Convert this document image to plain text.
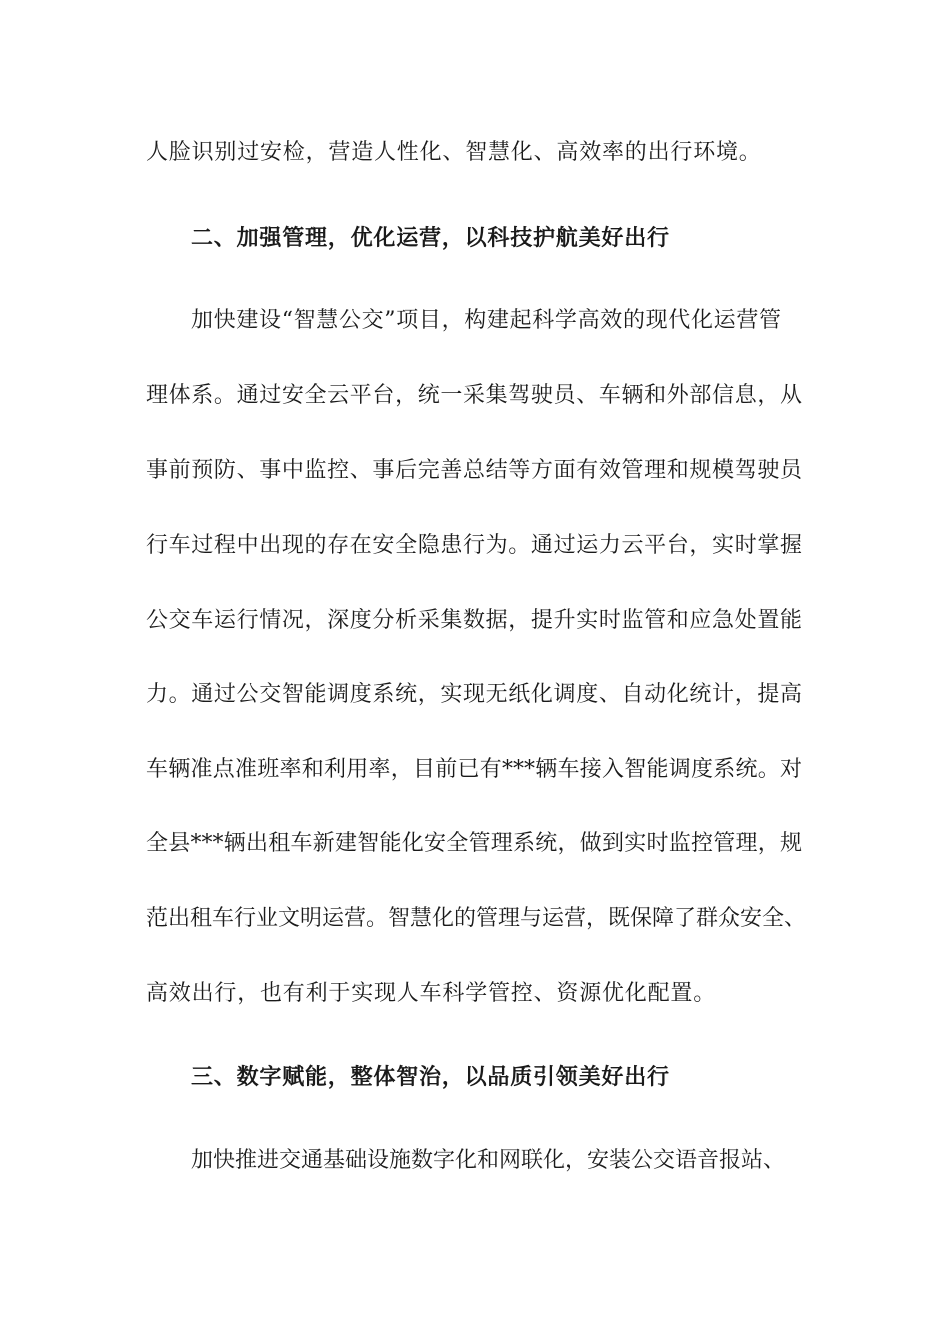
人脸识别过安检，营造人性化、智慧化、高效率的出行环境。
二、加强管理，优化运营，以科技护航美好出行
加快建设“智慧公交”项目，构建起科学高效的现代化运营管
理体系。通过安全云平台，统一采集驾驶员、车辆和外部信息，从
事前预防、事中监控、事后完善总结等方面有效管理和规模驾驶员
行车过程中出现的存在安全隐患行为。通过运力云平台，实时掌握
公交车运行情况，深度分析采集数据，提升实时监管和应急处置能
力。通过公交智能调度系统，实现无纸化调度、自动化统计，提高
车辆准点准班率和利用率，目前已有***辆车接入智能调度系统。对
全县***辆出租车新建智能化安全管理系统，做到实时监控管理，规
范出租车行业文明运营。智慧化的管理与运营，既保障了群众安全、
高效出行，也有利于实现人车科学管控、资源优化配置。
三、数字赋能，整体智治，以品质引领美好出行
加快推进交通基础设施数字化和网联化，安装公交语音报站、
